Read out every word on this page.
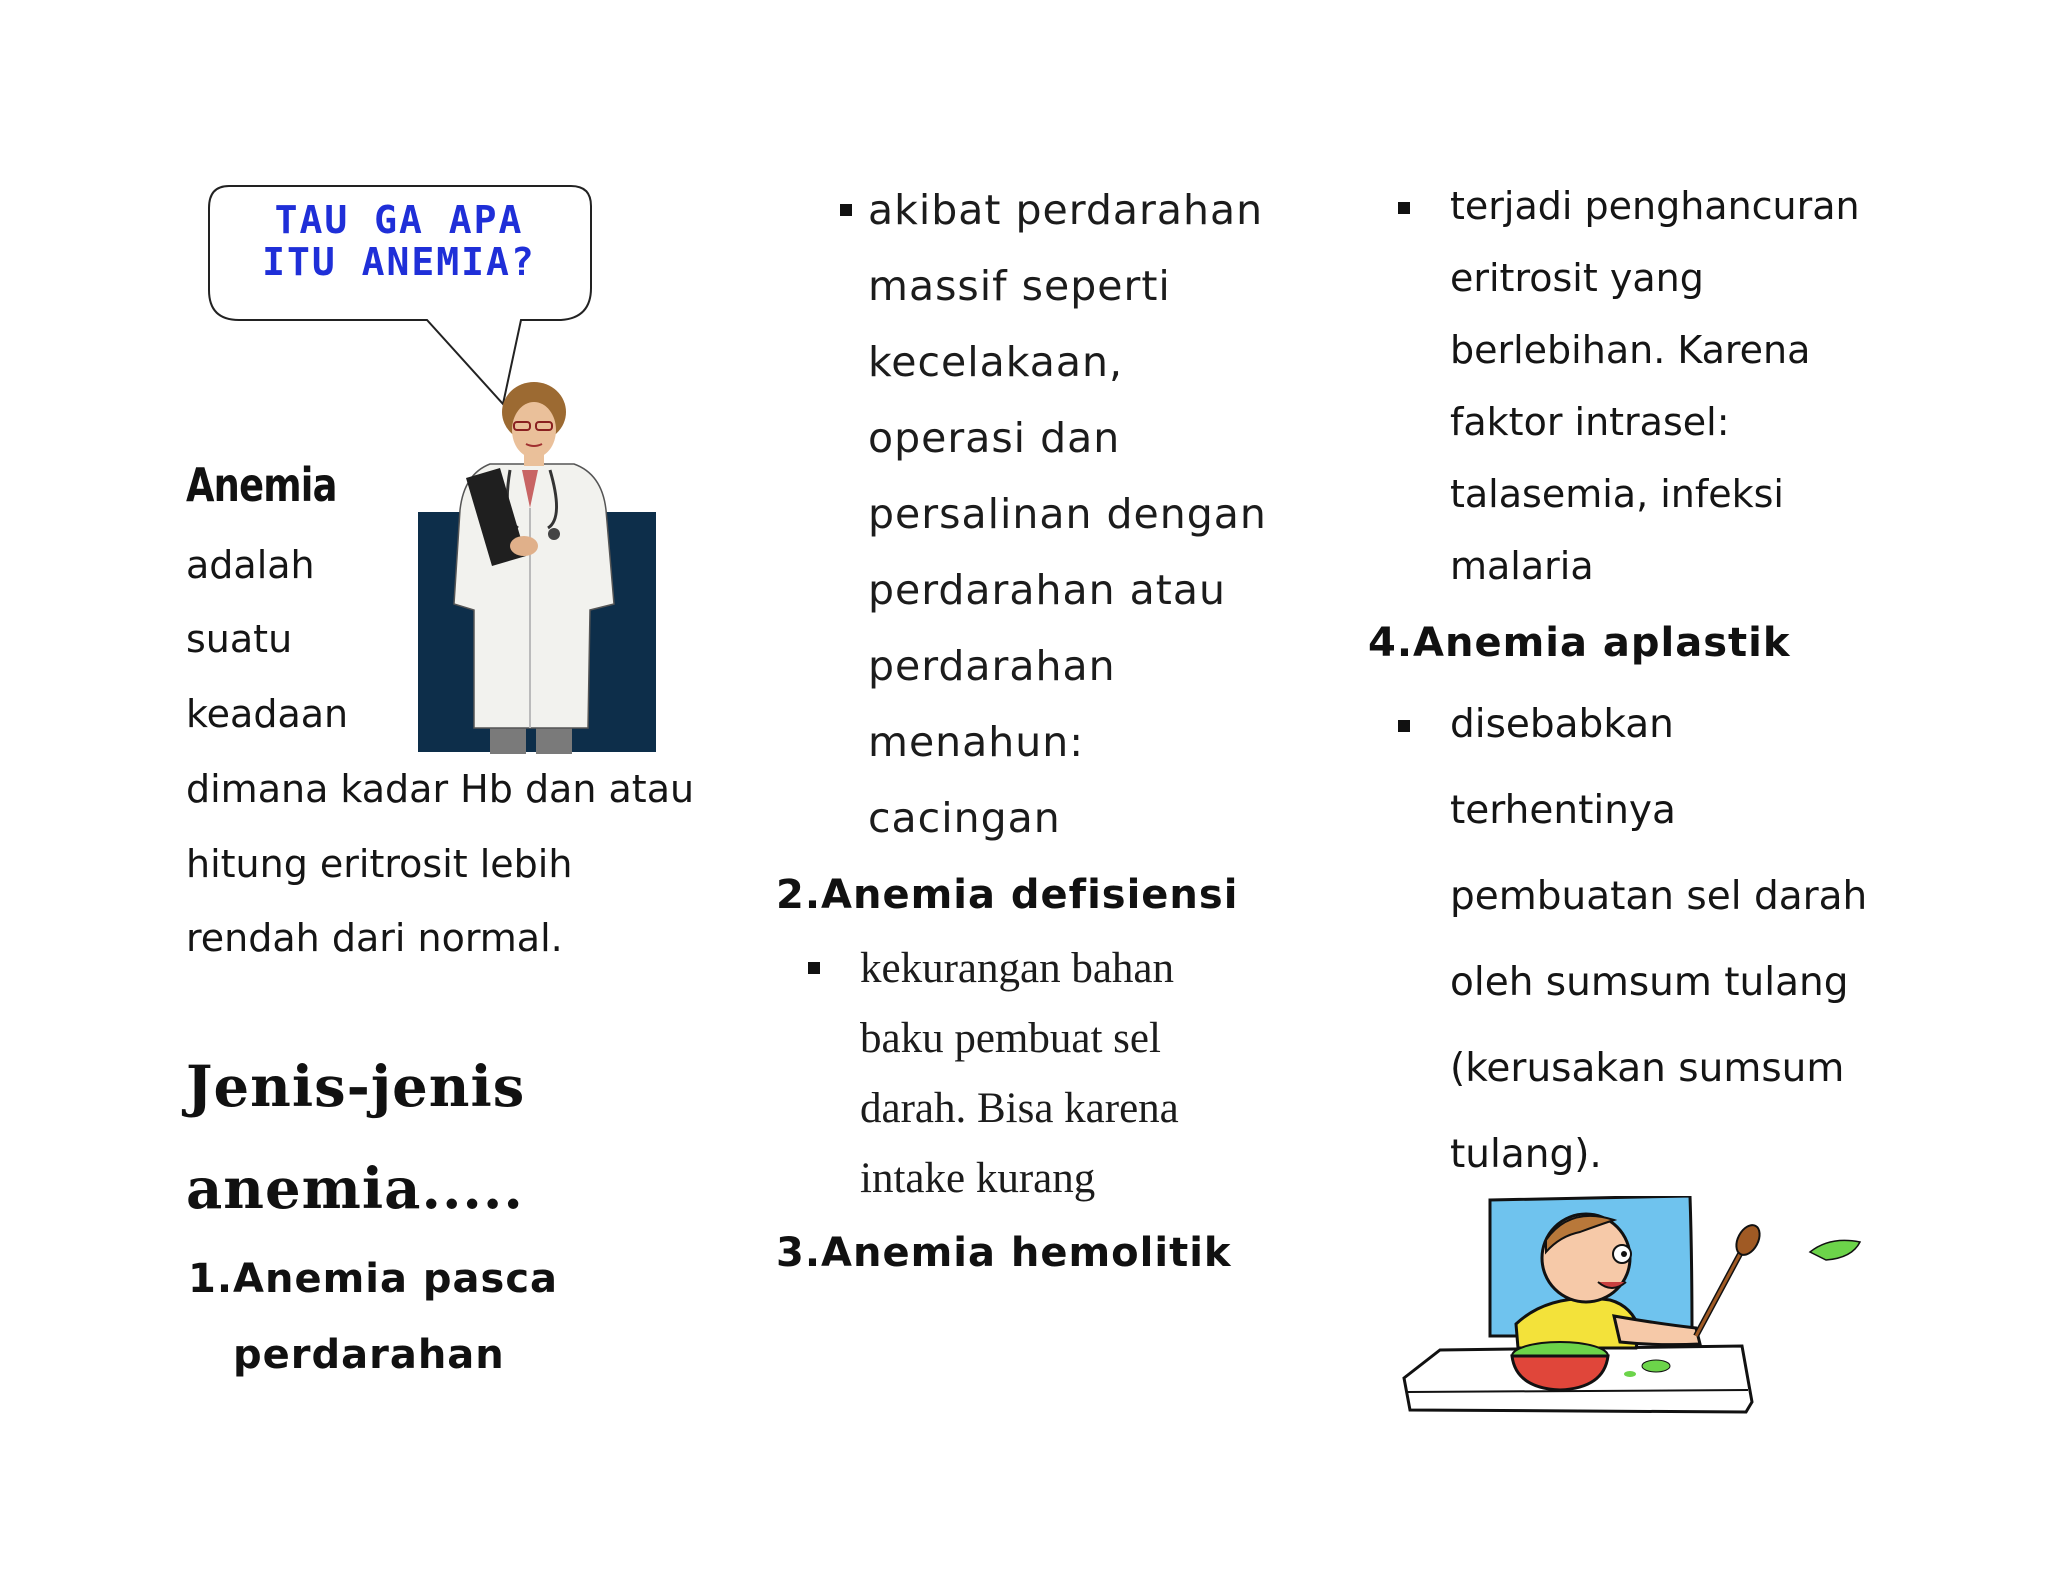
TAU GA APA
ITU ANEMIA?
Anemia
adalah
suatu
keadaan
dimana kadar Hb dan atau
hitung eritrosit lebih
rendah dari normal.
Jenis-jenis
anemia.....
1.Anemia pasca
perdarahan
akibat perdarahan
massif seperti
kecelakaan,
operasi dan
persalinan dengan
perdarahan atau
perdarahan
menahun:
cacingan
2.Anemia defisiensi
kekurangan bahan
baku pembuat sel
darah. Bisa karena
intake kurang
3.Anemia hemolitik
terjadi penghancuran
eritrosit yang
berlebihan. Karena
faktor intrasel:
talasemia, infeksi
malaria
4.Anemia aplastik
disebabkan
terhentinya
pembuatan sel darah
oleh sumsum tulang
(kerusakan sumsum
tulang).
